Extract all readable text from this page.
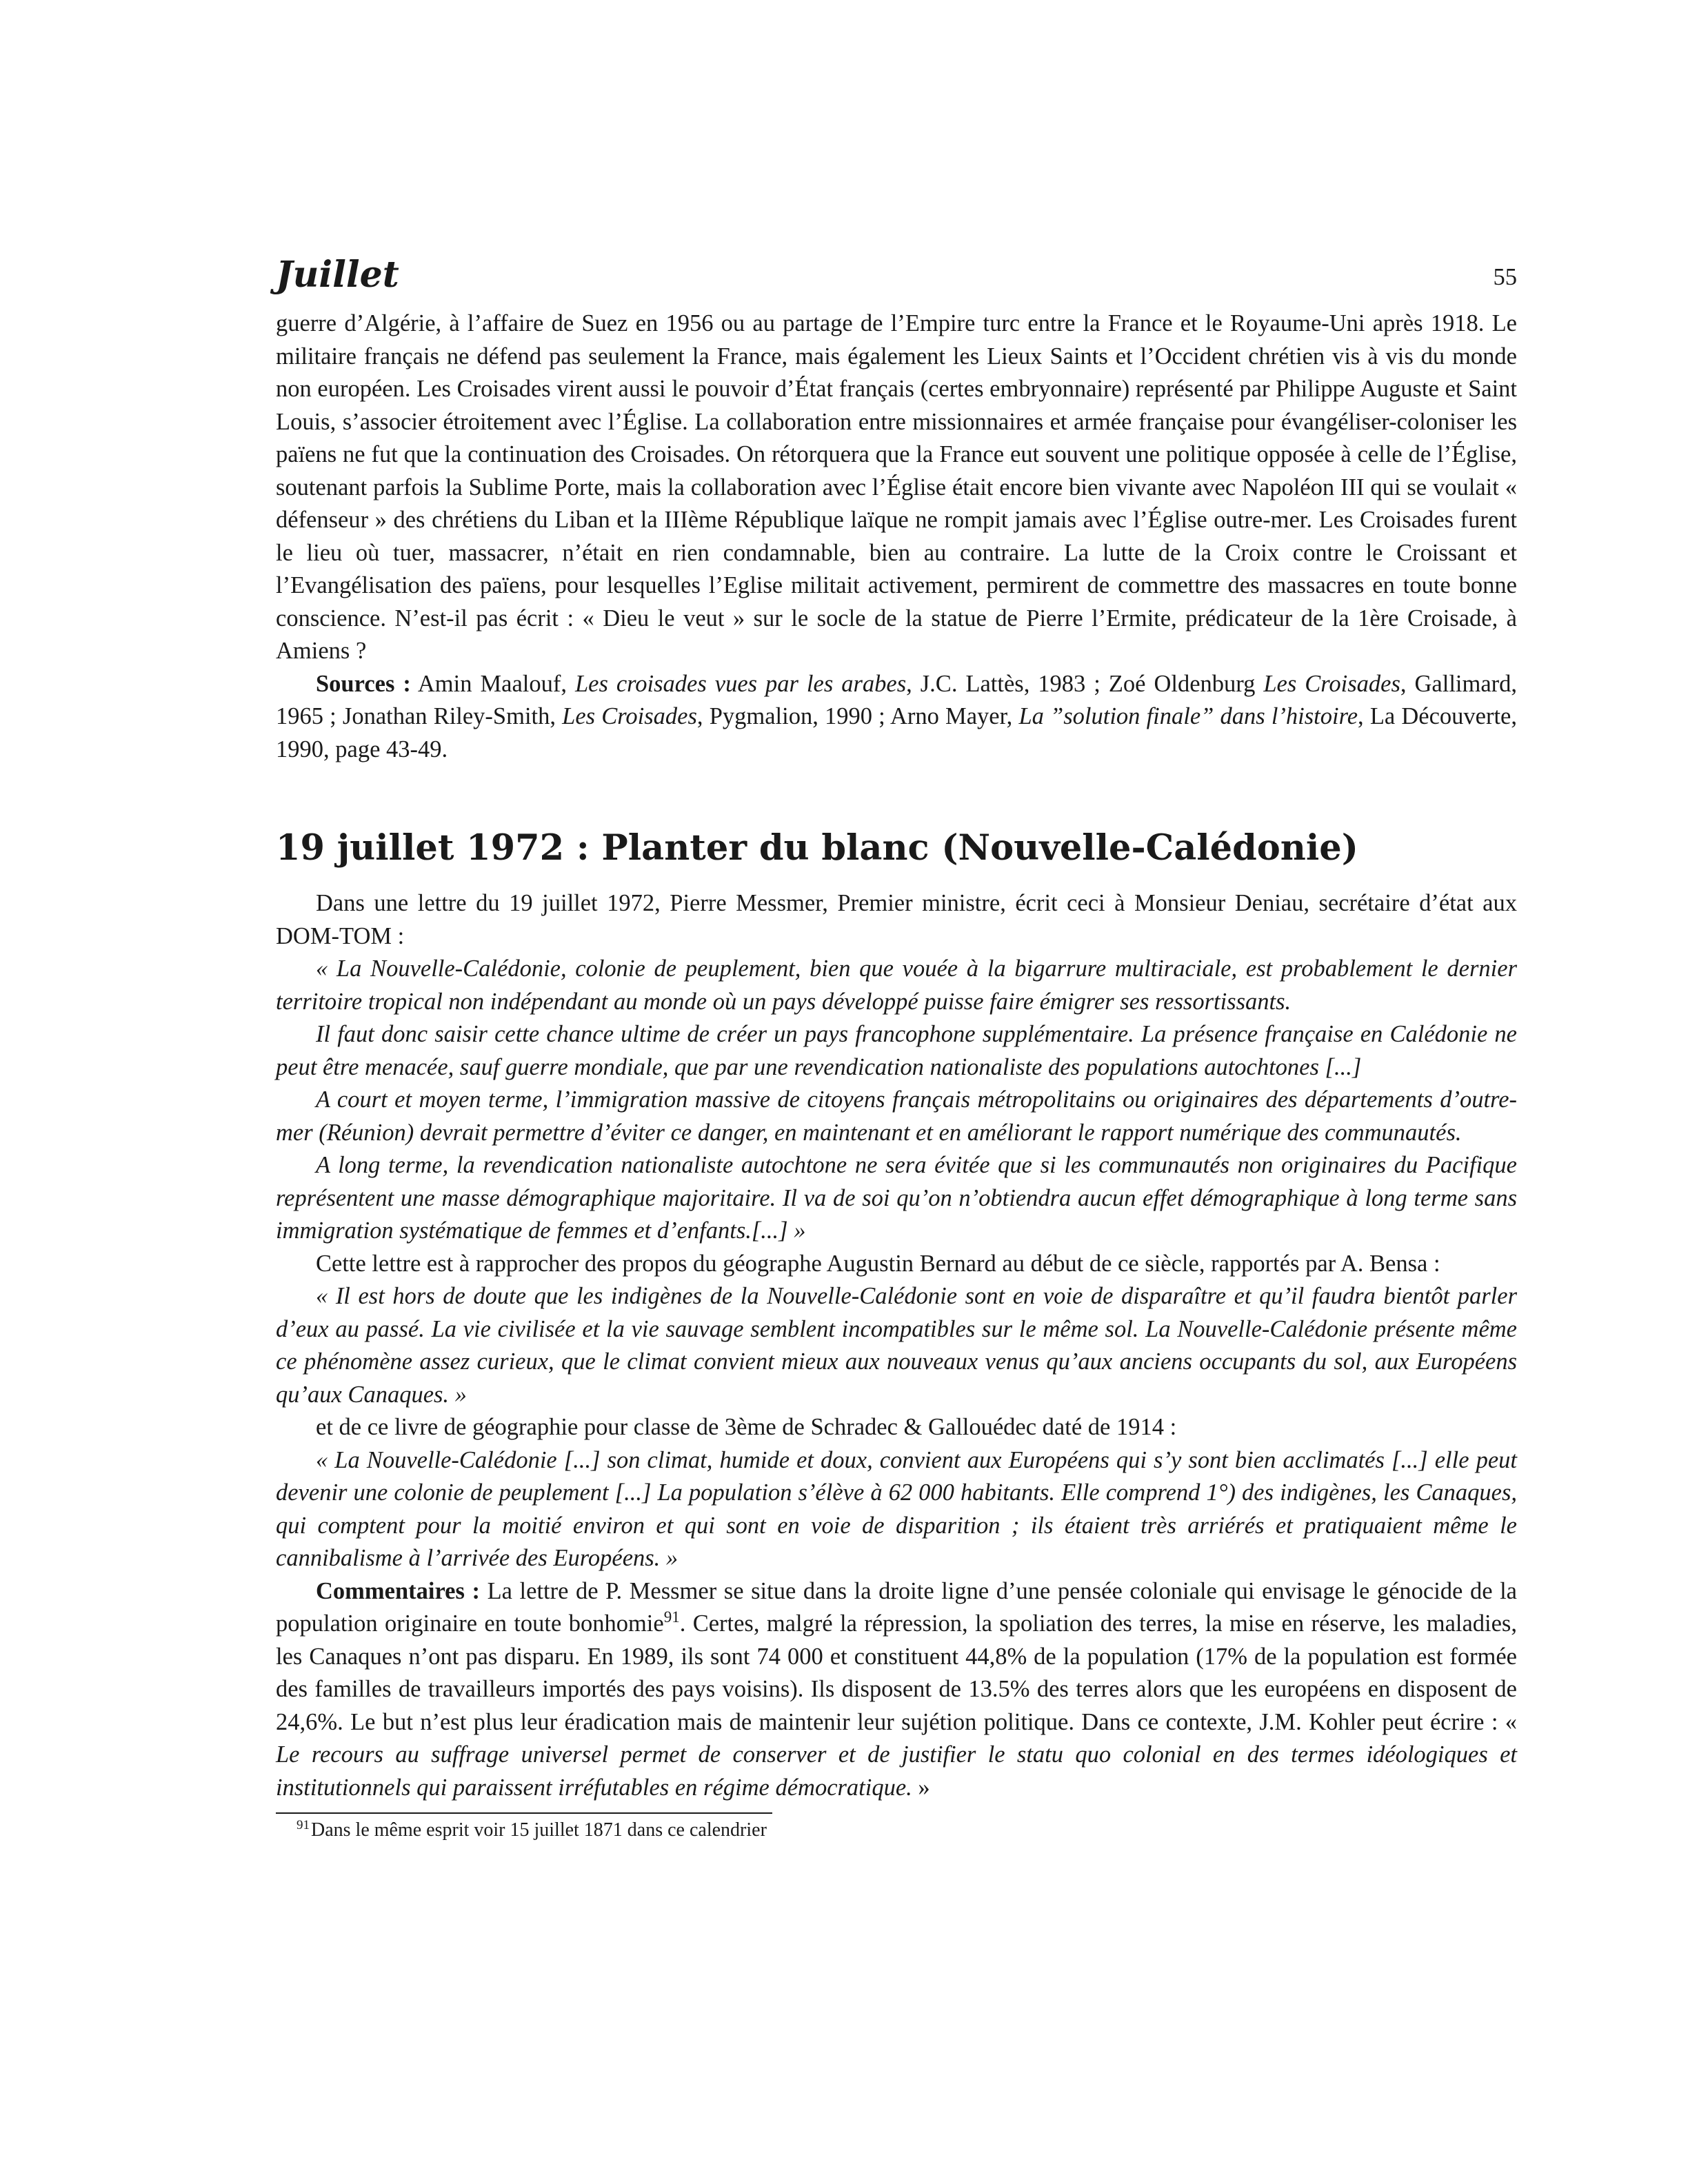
Juillet	55

guerre d’Algérie, à l’affaire de Suez en 1956 ou au partage de l’Empire turc entre la France et le Royaume-Uni après 1918. Le militaire français ne défend pas seulement la France, mais également les Lieux Saints et l’Occident chrétien vis à vis du monde non européen. Les Croisades virent aussi le pouvoir d’État français (certes embryonnaire) représenté par Philippe Auguste et Saint Louis, s’associer étroitement avec l’Église. La collaboration entre missionnaires et armée française pour évangéliser-coloniser les païens ne fut que la continuation des Croisades. On rétorquera que la France eut souvent une politique opposée à celle de l’Église, soutenant parfois la Sublime Porte, mais la collaboration avec l’Église était encore bien vivante avec Napoléon III qui se voulait « défenseur » des chrétiens du Liban et la IIIème République laïque ne rompit jamais avec l’Église outre-mer. Les Croisades furent le lieu où tuer, massacrer, n’était en rien condamnable, bien au contraire. La lutte de la Croix contre le Croissant et l’Evangélisation des païens, pour lesquelles l’Eglise militait activement, permirent de commettre des massacres en toute bonne conscience. N’est-il pas écrit : « Dieu le veut » sur le socle de la statue de Pierre l’Ermite, prédicateur de la 1ère Croisade, à Amiens ?

Sources : Amin Maalouf, Les croisades vues par les arabes, J.C. Lattès, 1983 ; Zoé Oldenburg Les Croisades, Gallimard, 1965 ; Jonathan Riley-Smith, Les Croisades, Pygmalion, 1990 ; Arno Mayer, La ”solution finale” dans l’histoire, La Découverte, 1990, page 43-49.

19 juillet 1972 : Planter du blanc (Nouvelle-Calédonie)

Dans une lettre du 19 juillet 1972, Pierre Messmer, Premier ministre, écrit ceci à Monsieur Deniau, secrétaire d’état aux DOM-TOM :

« La Nouvelle-Calédonie, colonie de peuplement, bien que vouée à la bigarrure multiraciale, est probablement le dernier territoire tropical non indépendant au monde où un pays développé puisse faire émigrer ses ressortissants.

Il faut donc saisir cette chance ultime de créer un pays francophone supplémentaire. La présence française en Calédonie ne peut être menacée, sauf guerre mondiale, que par une revendication nationaliste des populations autochtones [...]

A court et moyen terme, l’immigration massive de citoyens français métropolitains ou originaires des départements d’outre-mer (Réunion) devrait permettre d’éviter ce danger, en maintenant et en améliorant le rapport numérique des communautés.

A long terme, la revendication nationaliste autochtone ne sera évitée que si les communautés non originaires du Pacifique représentent une masse démographique majoritaire. Il va de soi qu’on n’obtiendra aucun effet démographique à long terme sans immigration systématique de femmes et d’enfants.[...] »

Cette lettre est à rapprocher des propos du géographe Augustin Bernard au début de ce siècle, rapportés par A. Bensa :

« Il est hors de doute que les indigènes de la Nouvelle-Calédonie sont en voie de disparaître et qu’il faudra bientôt parler d’eux au passé. La vie civilisée et la vie sauvage semblent incompatibles sur le même sol. La Nouvelle-Calédonie présente même ce phénomène assez curieux, que le climat convient mieux aux nouveaux venus qu’aux anciens occupants du sol, aux Européens qu’aux Canaques. »

et de ce livre de géographie pour classe de 3ème de Schradec & Gallouédec daté de 1914 :

« La Nouvelle-Calédonie [...] son climat, humide et doux, convient aux Européens qui s’y sont bien acclimatés [...] elle peut devenir une colonie de peuplement [...] La population s’élève à 62 000 habitants. Elle comprend 1°) des indigènes, les Canaques, qui comptent pour la moitié environ et qui sont en voie de disparition ; ils étaient très arriérés et pratiquaient même le cannibalisme à l’arrivée des Européens. »

Commentaires : La lettre de P. Messmer se situe dans la droite ligne d’une pensée coloniale qui envisage le génocide de la population originaire en toute bonhomie$^{91}$. Certes, malgré la répression, la spoliation des terres, la mise en réserve, les maladies, les Canaques n’ont pas disparu. En 1989, ils sont 74 000 et constituent 44,8% de la population (17% de la population est formée des familles de travailleurs importés des pays voisins). Ils disposent de 13.5% des terres alors que les européens en disposent de 24,6%. Le but n’est plus leur éradication mais de maintenir leur sujétion politique. Dans ce contexte, J.M. Kohler peut écrire : « Le recours au suffrage universel permet de conserver et de justifier le statu quo colonial en des termes idéologiques et institutionnels qui paraissent irréfutables en régime démocratique. »

$^{91}$Dans le même esprit voir 15 juillet 1871 dans ce calendrier
